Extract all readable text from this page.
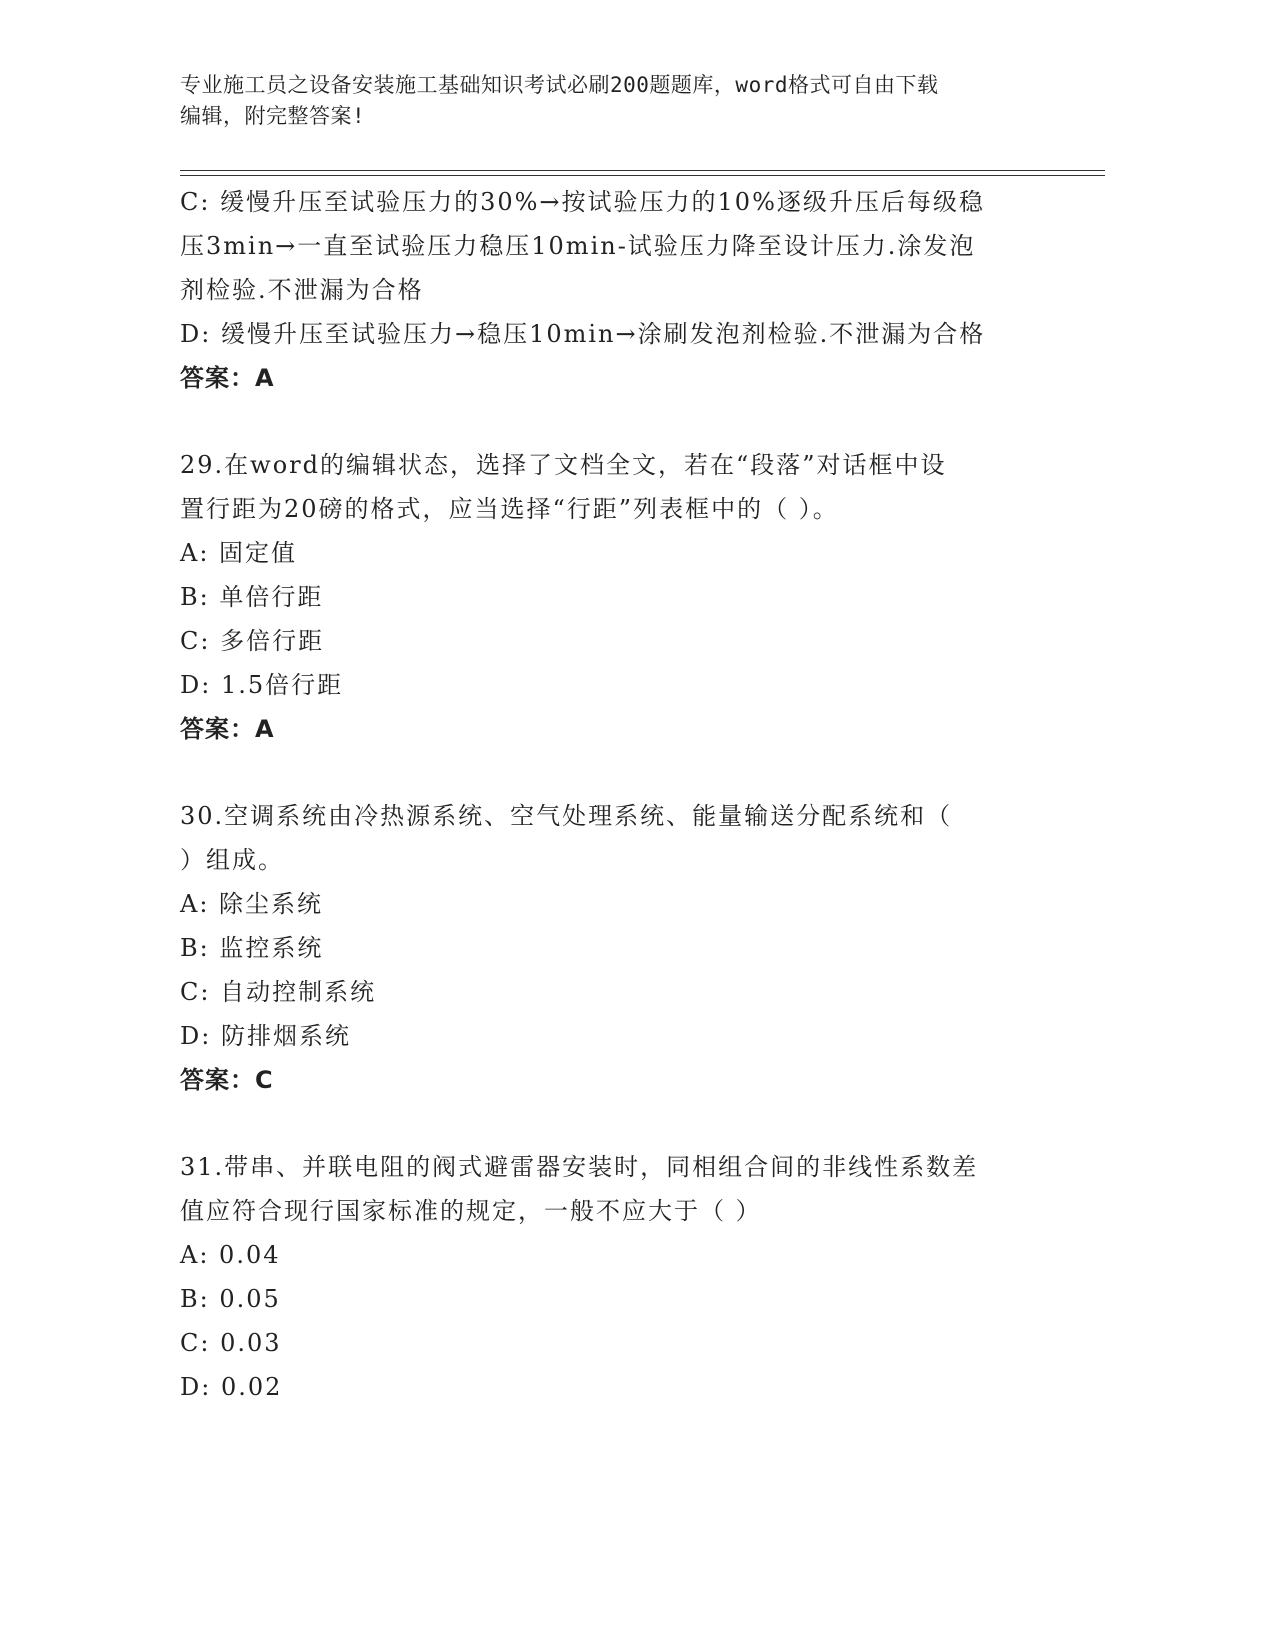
专业施工员之设备安装施工基础知识考试必刷200题题库，word格式可自由下载
编辑，附完整答案!
C: 缓慢升压至试验压力的30%→按试验压力的10%逐级升压后每级稳
压3min→一直至试验压力稳压10min-试验压力降至设计压力.涂发泡
剂检验.不泄漏为合格
D: 缓慢升压至试验压力→稳压10min→涂刷发泡剂检验.不泄漏为合格
答案：A
29.在word的编辑状态，选择了文档全文，若在“段落”对话框中设
置行距为20磅的格式，应当选择“行距”列表框中的（ ）。
A: 固定值
B: 单倍行距
C: 多倍行距
D: 1.5倍行距
答案：A
30.空调系统由冷热源系统、空气处理系统、能量输送分配系统和（
）组成。
A: 除尘系统
B: 监控系统
C: 自动控制系统
D: 防排烟系统
答案：C
31.带串、并联电阻的阀式避雷器安装时，同相组合间的非线性系数差
值应符合现行国家标准的规定，一般不应大于（ ）
A: 0.04
B: 0.05
C: 0.03
D: 0.02
